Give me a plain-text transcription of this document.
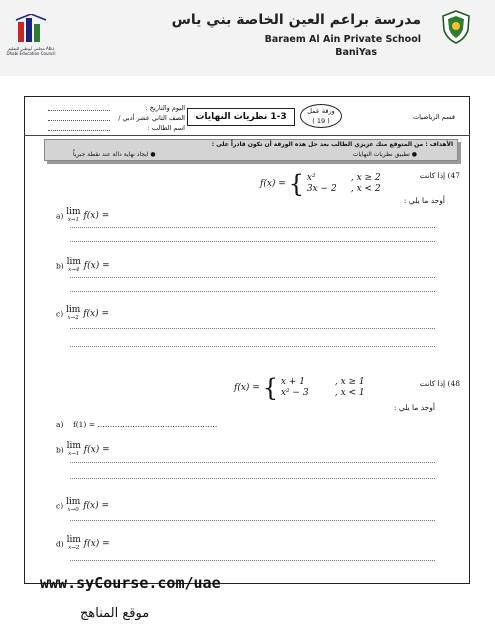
مجلس أبوظبي للتعليم Abu Dhabi Education Council
مدرسة براعم العين الخاصة بني ياس
Baraem Al Ain Private School
BaniYas
اليوم والتاريخ :
الصف الثاني عشر أدبي /
اسم الطالب :
1-3 نظريات النهايات
ورقة عمل
( 19 )	قسم الرياضيات
الأهداف : من المتوقع منك عزيزي الطالب بعد حل هذه الورقة أن تكون قادراً على :
● تطبيق نظريات النهايات
● ايجاد نهاية دالة عند نقطة جبرياً
47) إذا كانت
f(x) = { x²	, x ≥ 2
3x − 2 , x < 2
أوجد ما يلي :
a) lim
x→1 f(x) =
b) lim
x→4 f(x) =
c) lim
x→2 f(x) =
48) إذا كانت
f(x) = { x + 1	, x ≥ 1
x² − 3	, x < 1
أوجد ما يلي :
a) f(1) = …………………………………………
b) lim
x→1 f(x) =
c) lim
x→0 f(x) =
d) lim
x→2 f(x) =
www.syCourse.com/uae
موقع المناهج
